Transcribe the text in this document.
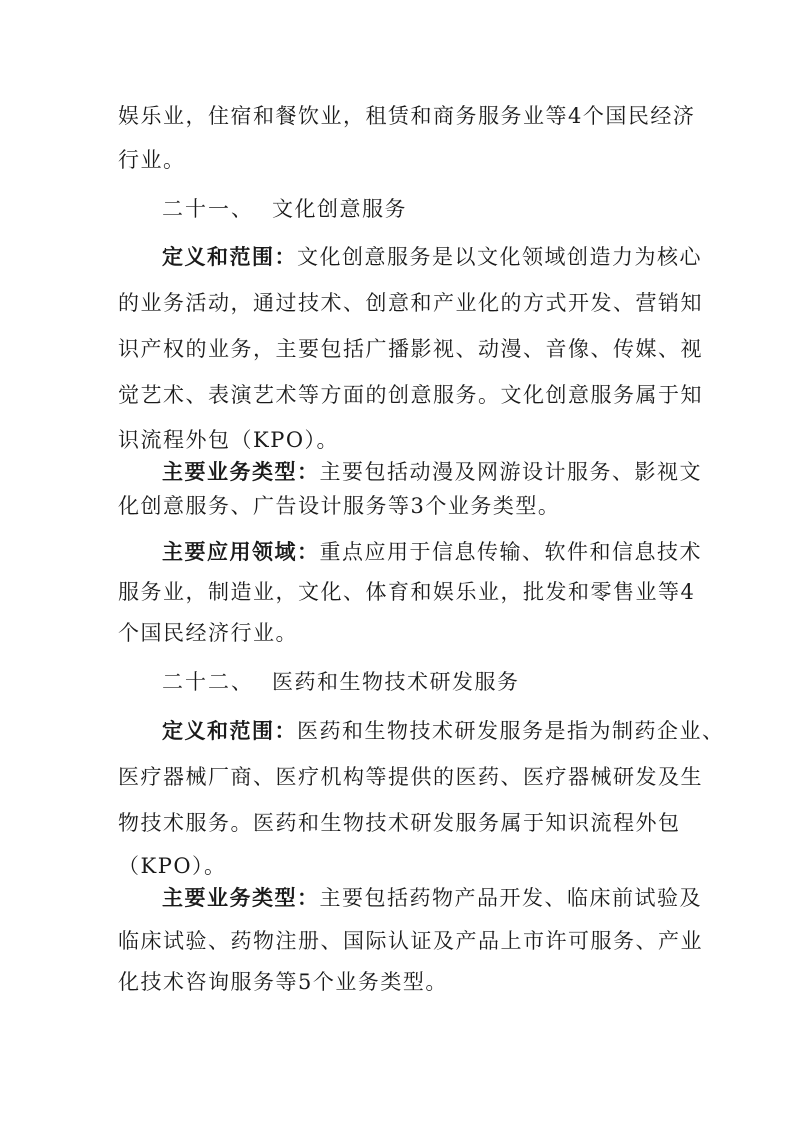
娱乐业，住宿和餐饮业，租赁和商务服务业等4个国民经济
行业。
二十一、 文化创意服务
定义和范围：文化创意服务是以文化领域创造力为核心
的业务活动，通过技术、创意和产业化的方式开发、营销知
识产权的业务，主要包括广播影视、动漫、音像、传媒、视
觉艺术、表演艺术等方面的创意服务。文化创意服务属于知
识流程外包（KPO）。
主要业务类型：主要包括动漫及网游设计服务、影视文
化创意服务、广告设计服务等3个业务类型。
主要应用领域：重点应用于信息传输、软件和信息技术
服务业，制造业，文化、体育和娱乐业，批发和零售业等4
个国民经济行业。
二十二、 医药和生物技术研发服务
定义和范围：医药和生物技术研发服务是指为制药企业、
医疗器械厂商、医疗机构等提供的医药、医疗器械研发及生
物技术服务。医药和生物技术研发服务属于知识流程外包
（KPO）。
主要业务类型：主要包括药物产品开发、临床前试验及
临床试验、药物注册、国际认证及产品上市许可服务、产业
化技术咨询服务等5个业务类型。
